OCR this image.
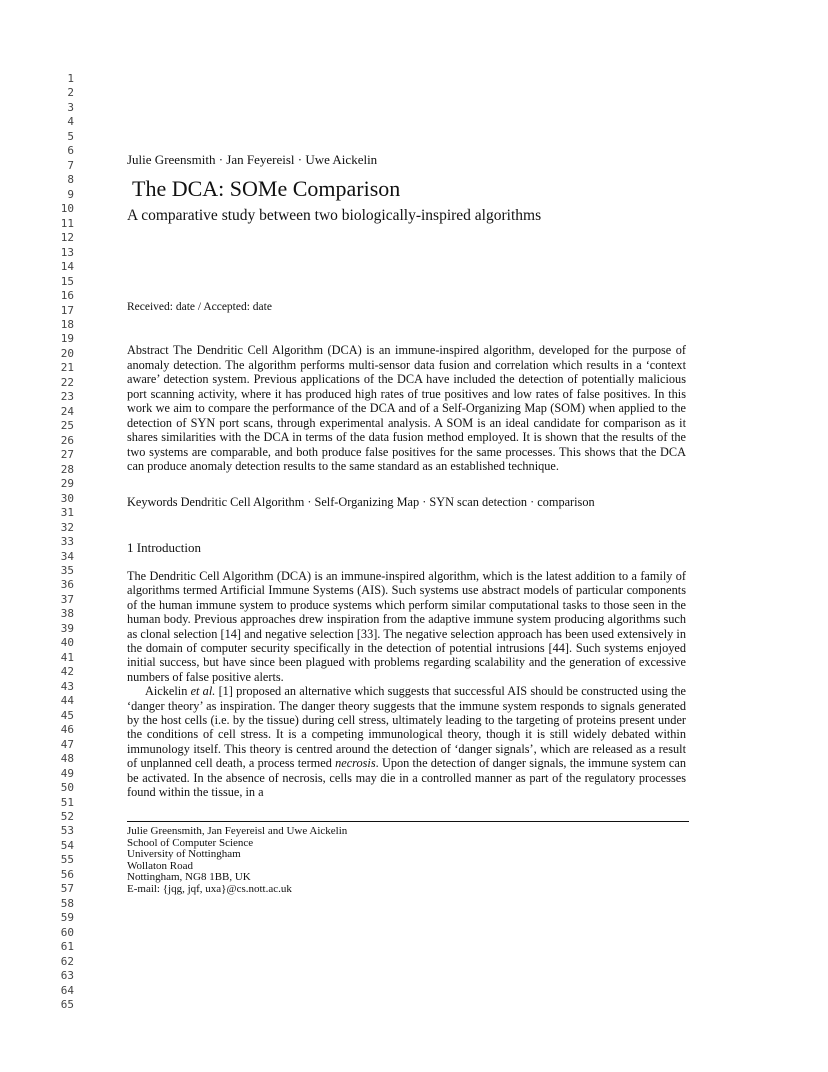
1
2
3
4
5
6
7
8
9
10
11
12
13
14
15
16
17
18
19
20
21
22
23
24
25
26
27
28
29
30
31
32
33
34
35
36
37
38
39
40
41
42
43
44
45
46
47
48
49
50
51
52
53
54
55
56
57
58
59
60
61
62
63
64
65
Julie Greensmith · Jan Feyereisl · Uwe Aickelin
The DCA: SOMe Comparison
A comparative study between two biologically-inspired algorithms
Received: date / Accepted: date
Abstract The Dendritic Cell Algorithm (DCA) is an immune-inspired algorithm, developed for the purpose of anomaly detection. The algorithm performs multi-sensor data fusion and correlation which results in a ‘context aware’ detection system. Previous applications of the DCA have included the detection of potentially malicious port scanning activity, where it has produced high rates of true positives and low rates of false positives. In this work we aim to compare the performance of the DCA and of a Self-Organizing Map (SOM) when applied to the detection of SYN port scans, through experimental analysis. A SOM is an ideal candidate for comparison as it shares similarities with the DCA in terms of the data fusion method employed. It is shown that the results of the two systems are comparable, and both produce false positives for the same processes. This shows that the DCA can produce anomaly detection results to the same standard as an established technique.
Keywords Dendritic Cell Algorithm · Self-Organizing Map · SYN scan detection · comparison
1 Introduction

The Dendritic Cell Algorithm (DCA) is an immune-inspired algorithm, which is the latest addition to a family of algorithms termed Artificial Immune Systems (AIS). Such systems use abstract models of particular components of the human immune system to produce systems which perform similar computational tasks to those seen in the human body. Previous approaches drew inspiration from the adaptive immune system producing algorithms such as clonal selection [14] and negative selection [33]. The negative selection approach has been used extensively in the domain of computer security specifically in the detection of potential intrusions [44]. Such systems enjoyed initial success, but have since been plagued with problems regarding scalability and the generation of excessive numbers of false positive alerts.

Aickelin et al. [1] proposed an alternative which suggests that successful AIS should be constructed using the ‘danger theory’ as inspiration. The danger theory suggests that the immune system responds to signals generated by the host cells (i.e. by the tissue) during cell stress, ultimately leading to the targeting of proteins present under the conditions of cell stress. It is a competing immunological theory, though it is still widely debated within immunology itself. This theory is centred around the detection of ‘danger signals’, which are released as a result of unplanned cell death, a process termed necrosis. Upon the detection of danger signals, the immune system can be activated. In the absence of necrosis, cells may die in a controlled manner as part of the regulatory processes found within the tissue, in a

Julie Greensmith, Jan Feyereisl and Uwe Aickelin
School of Computer Science
University of Nottingham
Wollaton Road
Nottingham, NG8 1BB, UK
E-mail: {jqg, jqf, uxa}@cs.nott.ac.uk
